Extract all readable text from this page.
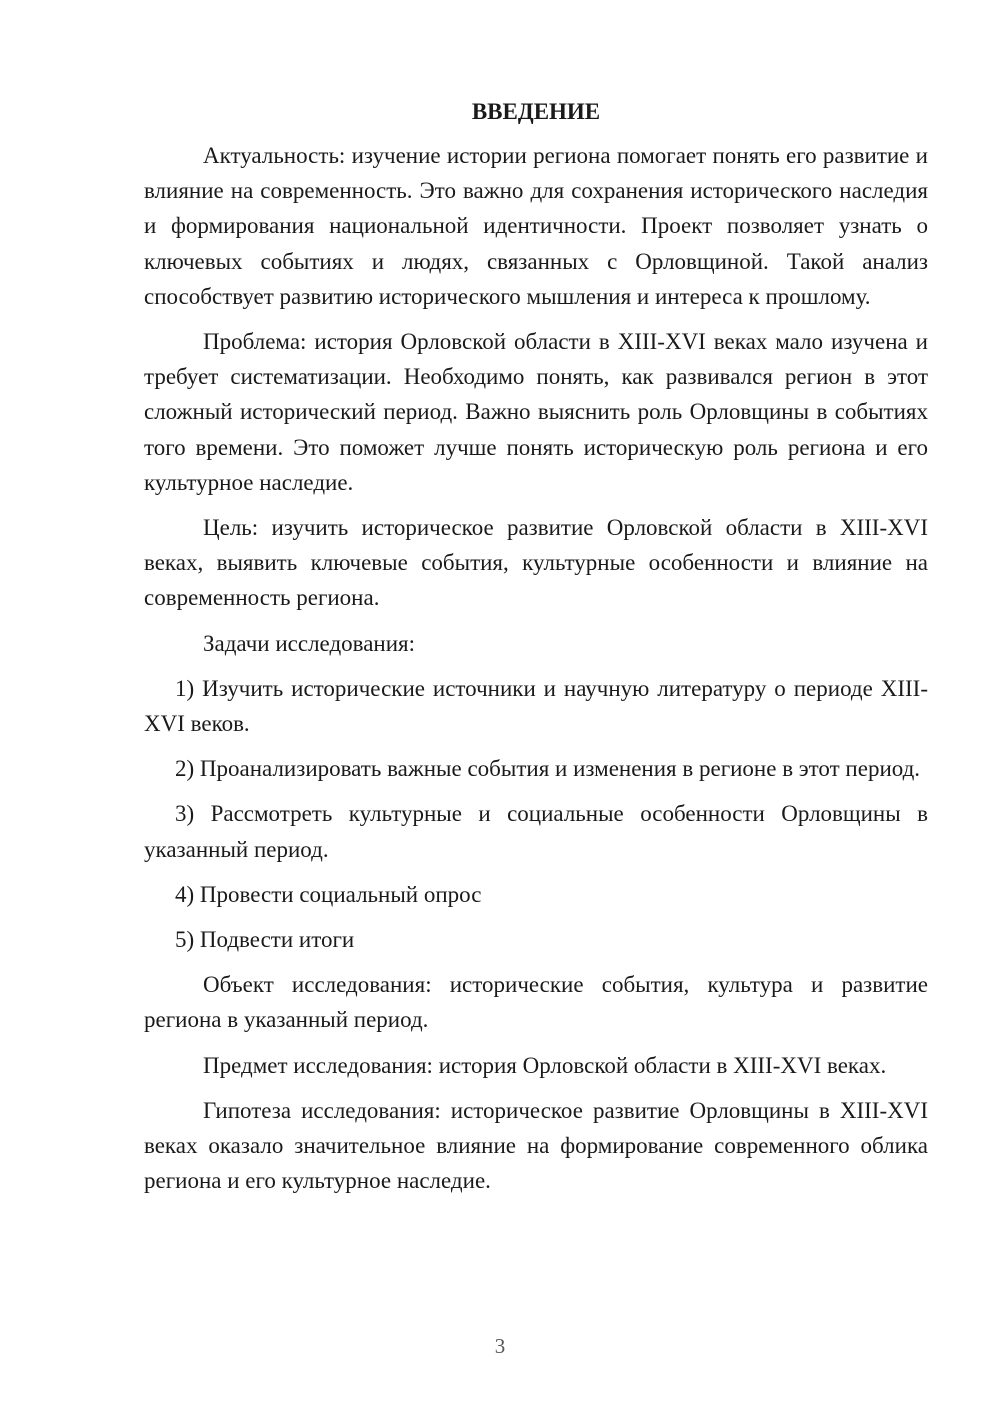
ВВЕДЕНИЕ

Актуальность: изучение истории региона помогает понять его развитие и влияние на современность. Это важно для сохранения исторического наследия и формирования национальной идентичности. Проект позволяет узнать о ключевых событиях и людях, связанных с Орловщиной. Такой анализ способствует развитию исторического мышления и интереса к прошлому.

Проблема: история Орловской области в XIII-XVI веках мало изучена и требует систематизации. Необходимо понять, как развивался регион в этот сложный исторический период. Важно выяснить роль Орловщины в событиях того времени. Это поможет лучше понять историческую роль региона и его культурное наследие.

Цель: изучить историческое развитие Орловской области в XIII-XVI веках, выявить ключевые события, культурные особенности и влияние на современность региона.

Задачи исследования:

1) Изучить исторические источники и научную литературу о периоде XIII-XVI веков.

2) Проанализировать важные события и изменения в регионе в этот период.

3) Рассмотреть культурные и социальные особенности Орловщины в указанный период.

4) Провести социальный опрос

5) Подвести итоги

Объект исследования: исторические события, культура и развитие региона в указанный период.

Предмет исследования: история Орловской области в XIII-XVI веках.

Гипотеза исследования: историческое развитие Орловщины в XIII-XVI веках оказало значительное влияние на формирование современного облика региона и его культурное наследие.

3
